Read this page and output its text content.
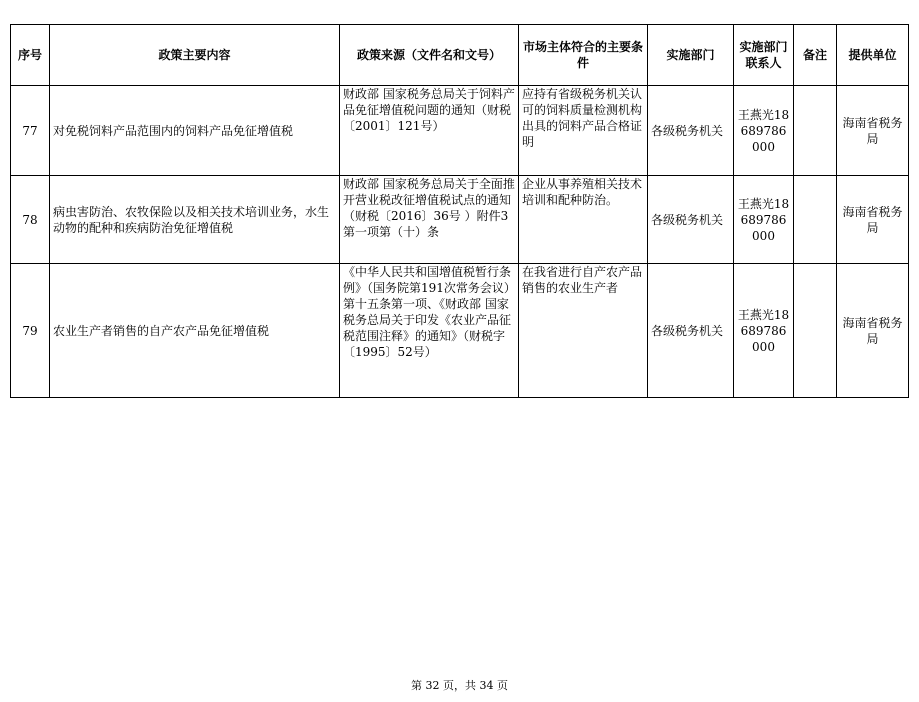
序号	政策主要内容	政策来源（文件名和文号）	市场主体符合的主要条件	实施部门	实施部门联系人	备注	提供单位
77	对免税饲料产品范围内的饲料产品免征增值税	财政部 国家税务总局关于饲料产品免征增值税问题的通知（财税〔2001〕121号）	应持有省级税务机关认可的饲料质量检测机构出具的饲料产品合格证明	各级税务机关	王燕光18689786000		海南省税务局
78	病虫害防治、农牧保险以及相关技术培训业务，水生动物的配种和疾病防治免征增值税	财政部 国家税务总局关于全面推开营业税改征增值税试点的通知（财税〔2016〕36号 ）附件3第一项第（十）条	企业从事养殖相关技术培训和配种防治。	各级税务机关	王燕光18689786000		海南省税务局
79	农业生产者销售的自产农产品免征增值税	《中华人民共和国增值税暂行条例》（国务院第191次常务会议）第十五条第一项、《财政部 国家税务总局关于印发《农业产品征税范围注释》的通知》（财税字〔1995〕52号）	在我省进行自产农产品销售的农业生产者	各级税务机关	王燕光18689786000		海南省税务局
第 32 页，共 34 页
